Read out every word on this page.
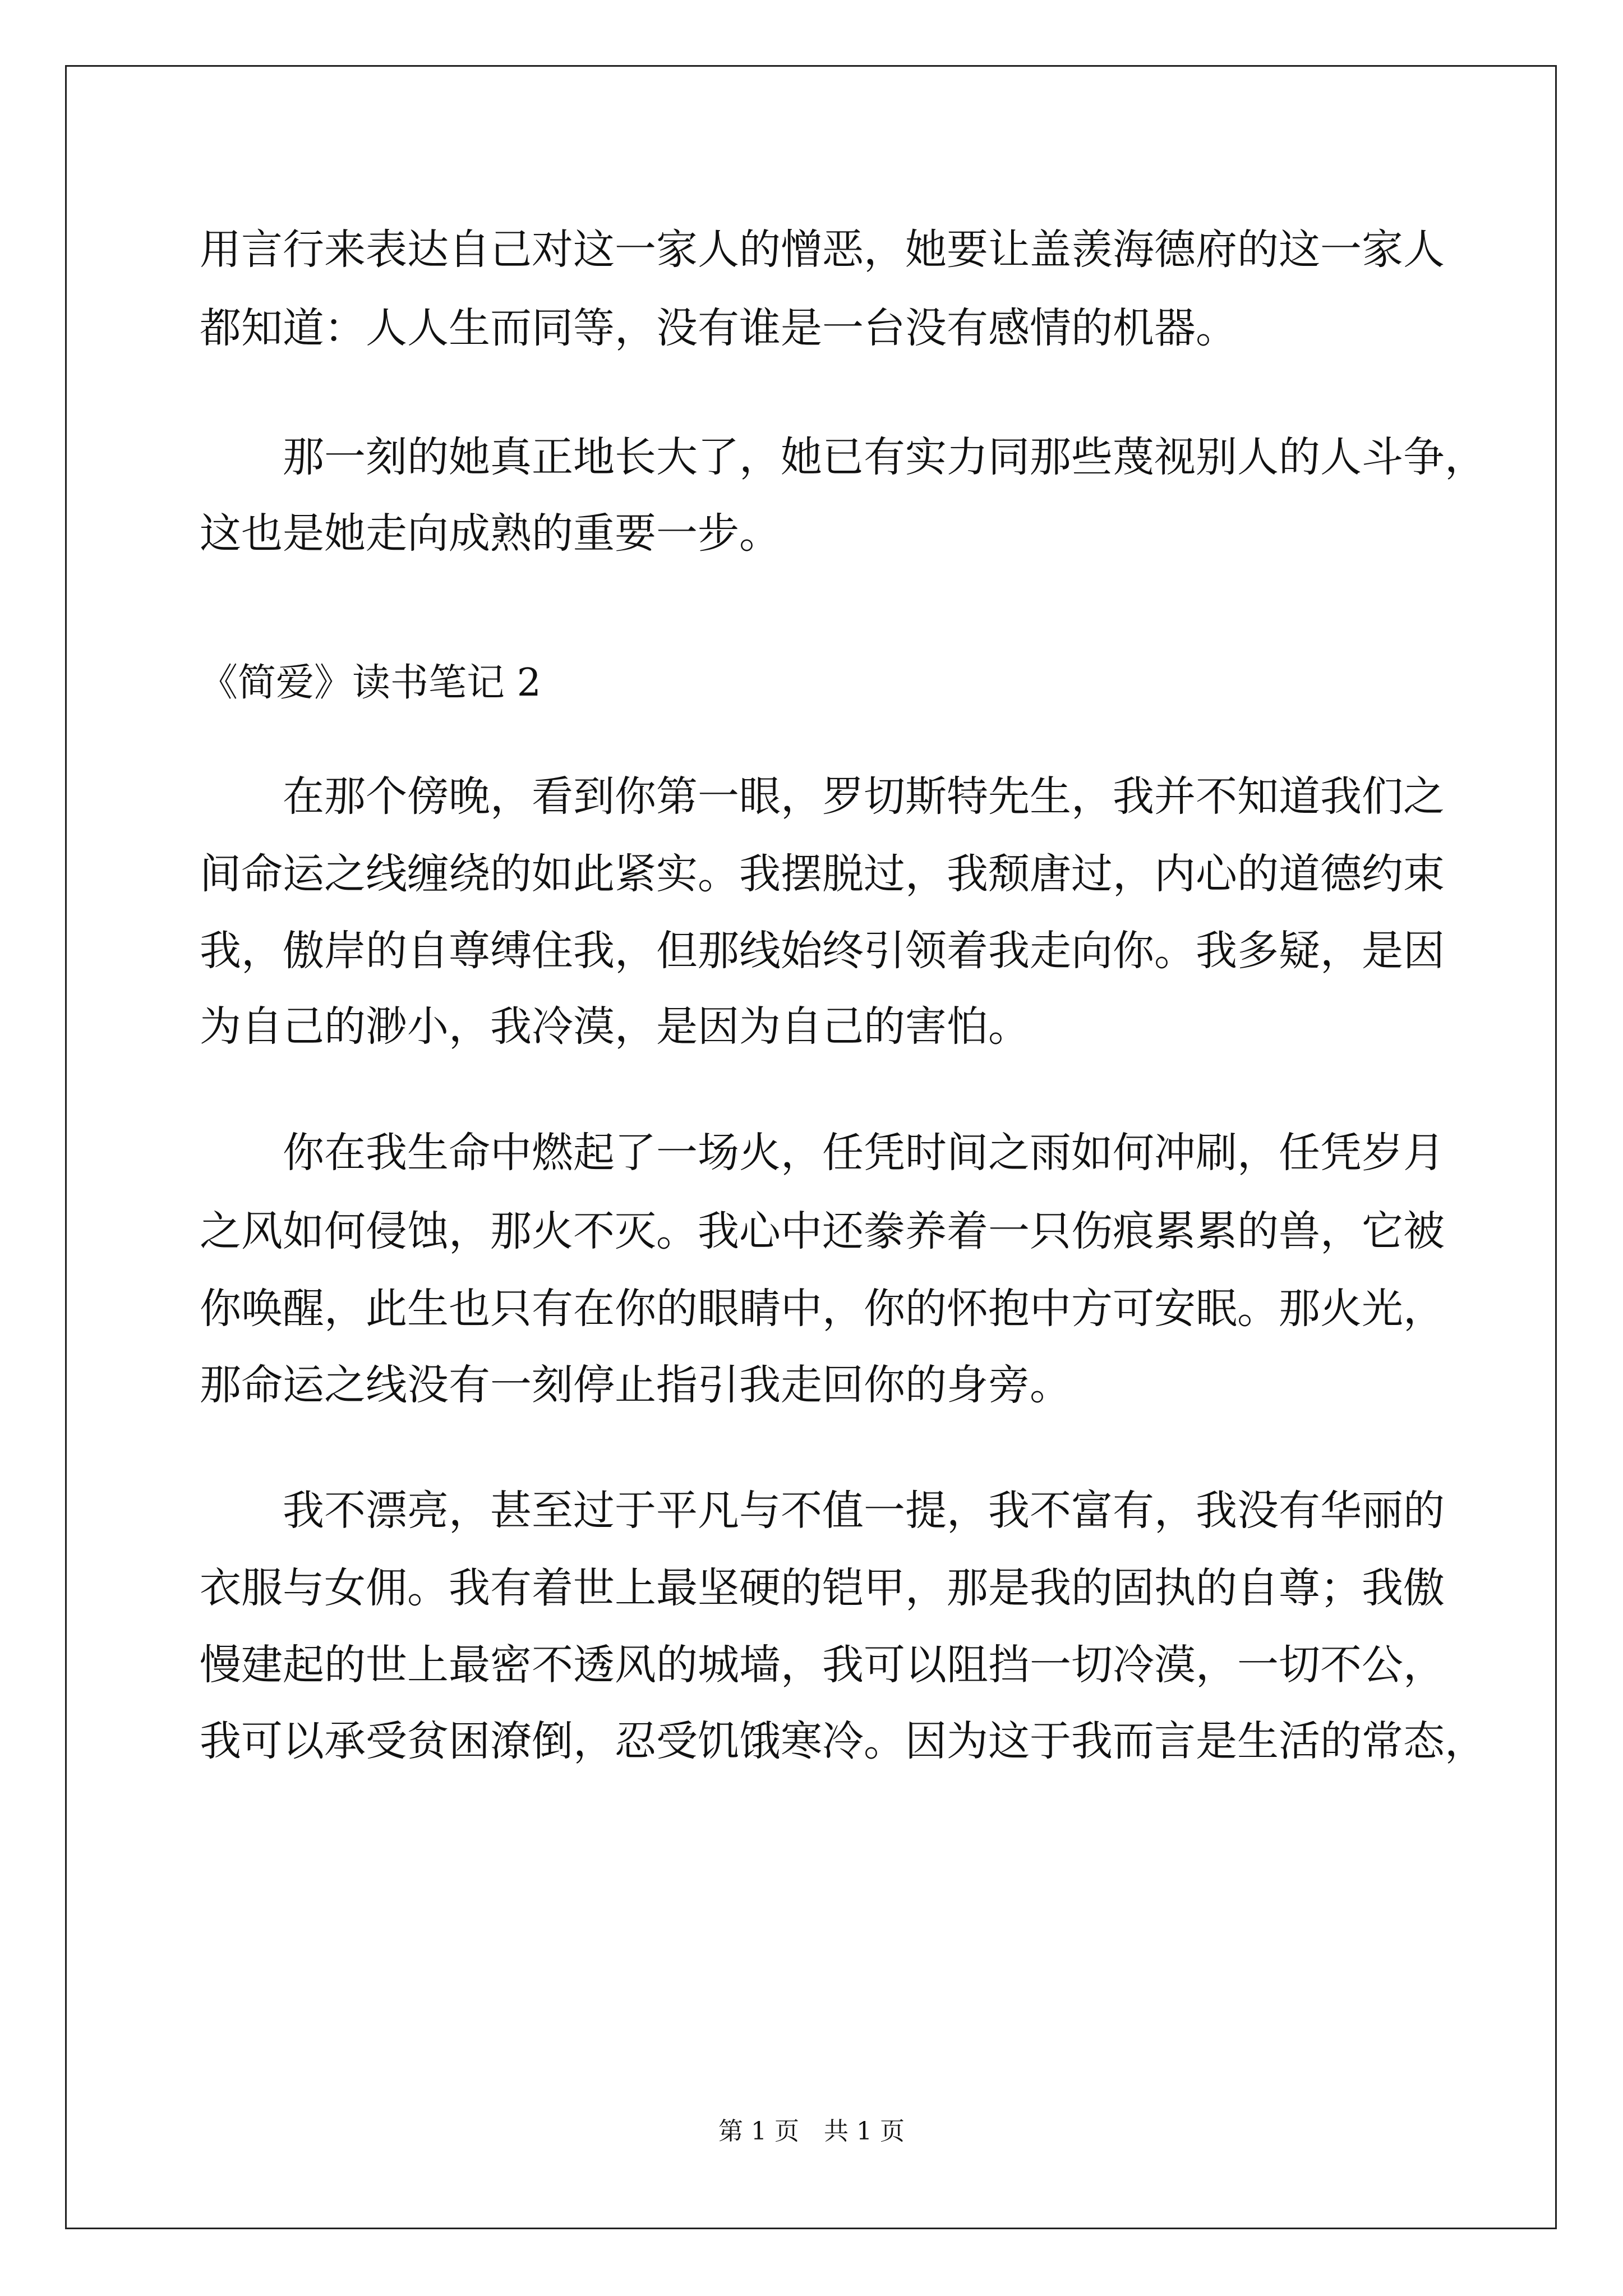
用言行来表达自己对这一家人的憎恶，她要让盖羡海德府的这一家人
都知道：人人生而同等，没有谁是一台没有感情的机器。
那一刻的她真正地长大了，她已有实力同那些蔑视别人的人斗争，
这也是她走向成熟的重要一步。
《简爱》读书笔记 2
在那个傍晚，看到你第一眼，罗切斯特先生，我并不知道我们之
间命运之线缠绕的如此紧实。我摆脱过，我颓唐过，内心的道德约束
我，傲岸的自尊缚住我，但那线始终引领着我走向你。我多疑，是因
为自己的渺小，我冷漠，是因为自己的害怕。
你在我生命中燃起了一场火，任凭时间之雨如何冲刷，任凭岁月
之风如何侵蚀，那火不灭。我心中还豢养着一只伤痕累累的兽，它被
你唤醒，此生也只有在你的眼睛中，你的怀抱中方可安眠。那火光，
那命运之线没有一刻停止指引我走回你的身旁。
我不漂亮，甚至过于平凡与不值一提，我不富有，我没有华丽的
衣服与女佣。我有着世上最坚硬的铠甲，那是我的固执的自尊；我傲
慢建起的世上最密不透风的城墙，我可以阻挡一切冷漠，一切不公，
我可以承受贫困潦倒，忍受饥饿寒冷。因为这于我而言是生活的常态，
第 1 页　共 1 页
